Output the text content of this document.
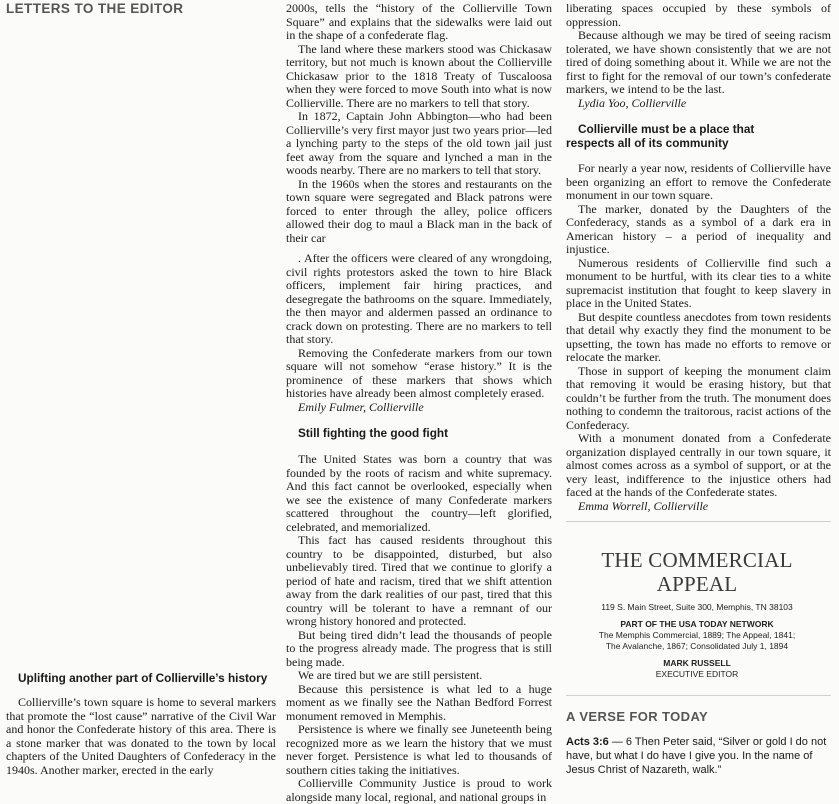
LETTERS TO THE EDITOR

Uplifting another part of Collierville’s history

Collierville’s town square is home to several markers that promote the “lost cause” narrative of the Civil War and honor the Confederate history of this area. There is a stone marker that was donated to the town by local chapters of the United Daughters of Confederacy in the 1940s. Another marker, erected in the early

2000s, tells the “history of the Collierville Town Square” and explains that the sidewalks were laid out in the shape of a confederate flag.

The land where these markers stood was Chickasaw territory, but not much is known about the Collierville Chickasaw prior to the 1818 Treaty of Tuscaloosa when they were forced to move South into what is now Collierville. There are no markers to tell that story.

In 1872, Captain John Abbington—who had been Collierville’s very first mayor just two years prior—led a lynching party to the steps of the old town jail just feet away from the square and lynched a man in the woods nearby. There are no markers to tell that story.

In the 1960s when the stores and restaurants on the town square were segregated and Black patrons were forced to enter through the alley, police officers allowed their dog to maul a Black man in the back of their car

. After the officers were cleared of any wrongdoing, civil rights protestors asked the town to hire Black officers, implement fair hiring practices, and desegregate the bathrooms on the square. Immediately, the then mayor and aldermen passed an ordinance to crack down on protesting. There are no markers to tell that story.

Removing the Confederate markers from our town square will not somehow “erase history.” It is the prominence of these markers that shows which histories have already been almost completely erased.

Emily Fulmer, Collierville

Still fighting the good fight

The United States was born a country that was founded by the roots of racism and white supremacy. And this fact cannot be overlooked, especially when we see the existence of many Confederate markers scattered throughout the country—left glorified, celebrated, and memorialized.

This fact has caused residents throughout this country to be disappointed, disturbed, but also unbelievably tired. Tired that we continue to glorify a period of hate and racism, tired that we shift attention away from the dark realities of our past, tired that this country will be tolerant to have a remnant of our wrong history honored and protected.

But being tired didn’t lead the thousands of people to the progress already made. The progress that is still being made.

We are tired but we are still persistent.

Because this persistence is what led to a huge moment as we finally see the Nathan Bedford Forrest monument removed in Memphis.

Persistence is where we finally see Juneteenth being recognized more as we learn the history that we must never forget. Persistence is what led to thousands of southern cities taking the initiatives.

Collierville Community Justice is proud to work alongside many local, regional, and national groups in

liberating spaces occupied by these symbols of oppression.

Because although we may be tired of seeing racism tolerated, we have shown consistently that we are not tired of doing something about it. While we are not the first to fight for the removal of our town’s confederate markers, we intend to be the last.

Lydia Yoo, Collierville

Collierville must be a place that respects all of its community

For nearly a year now, residents of Collierville have been organizing an effort to remove the Confederate monument in our town square.

The marker, donated by the Daughters of the Confederacy, stands as a symbol of a dark era in American history – a period of inequality and injustice.

Numerous residents of Collierville find such a monument to be hurtful, with its clear ties to a white supremacist institution that fought to keep slavery in place in the United States.

But despite countless anecdotes from town residents that detail why exactly they find the monument to be upsetting, the town has made no efforts to remove or relocate the marker.

Those in support of keeping the monument claim that removing it would be erasing history, but that couldn’t be further from the truth. The monument does nothing to condemn the traitorous, racist actions of the Confederacy.

With a monument donated from a Confederate organization displayed centrally in our town square, it almost comes across as a symbol of support, or at the very least, indifference to the injustice others had faced at the hands of the Confederate states.

Emma Worrell, Collierville

THE COMMERCIAL APPEAL
119 S. Main Street, Suite 300, Memphis, TN 38103
PART OF THE USA TODAY NETWORK
The Memphis Commercial, 1889; The Appeal, 1841;
The Avalanche, 1867; Consolidated July 1, 1894
MARK RUSSELL
EXECUTIVE EDITOR
A VERSE FOR TODAY
Acts 3:6 — 6 Then Peter said, “Silver or gold I do not have, but what I do have I give you. In the name of Jesus Christ of Nazareth, walk.”
